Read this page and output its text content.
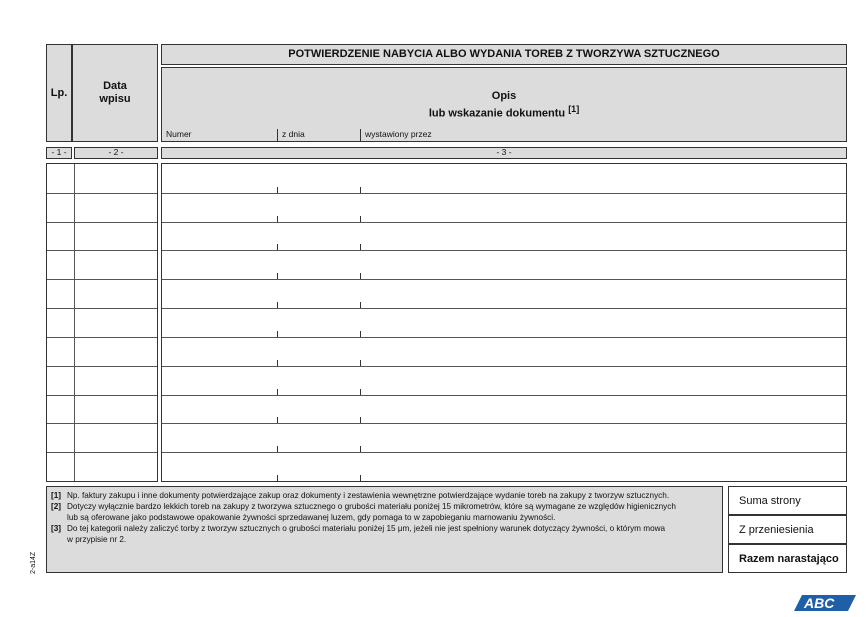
Lp.
Data
wpisu
POTWIERDZENIE NABYCIA ALBO WYDANIA TOREB Z TWORZYWA SZTUCZNEGO
Opis
lub wskazanie dokumentu [1]
Numer	z dnia	wystawiony przez
- 1 -	- 2 -	- 3 -
[1] Np. faktury zakupu i inne dokumenty potwierdzające zakup oraz dokumenty i zestawienia wewnętrzne potwierdzające wydanie toreb na zakupy z tworzyw sztucznych.
[2] Dotyczy wyłącznie bardzo lekkich toreb na zakupy z tworzywa sztucznego o grubości materiału poniżej 15 mikrometrów, które są wymagane ze względów higienicznych
lub są oferowane jako podstawowe opakowanie żywności sprzedawanej luzem, gdy pomaga to w zapobieganiu marnowaniu żywności.
[3] Do tej kategorii należy zaliczyć torby z tworzyw sztucznych o grubości materiału poniżej 15 μm, jeżeli nie jest spełniony warunek dotyczący żywności, o którym mowa
w przypisie nr 2.
Suma strony
Z przeniesienia
Razem narastająco
2-a14Z
ABC
